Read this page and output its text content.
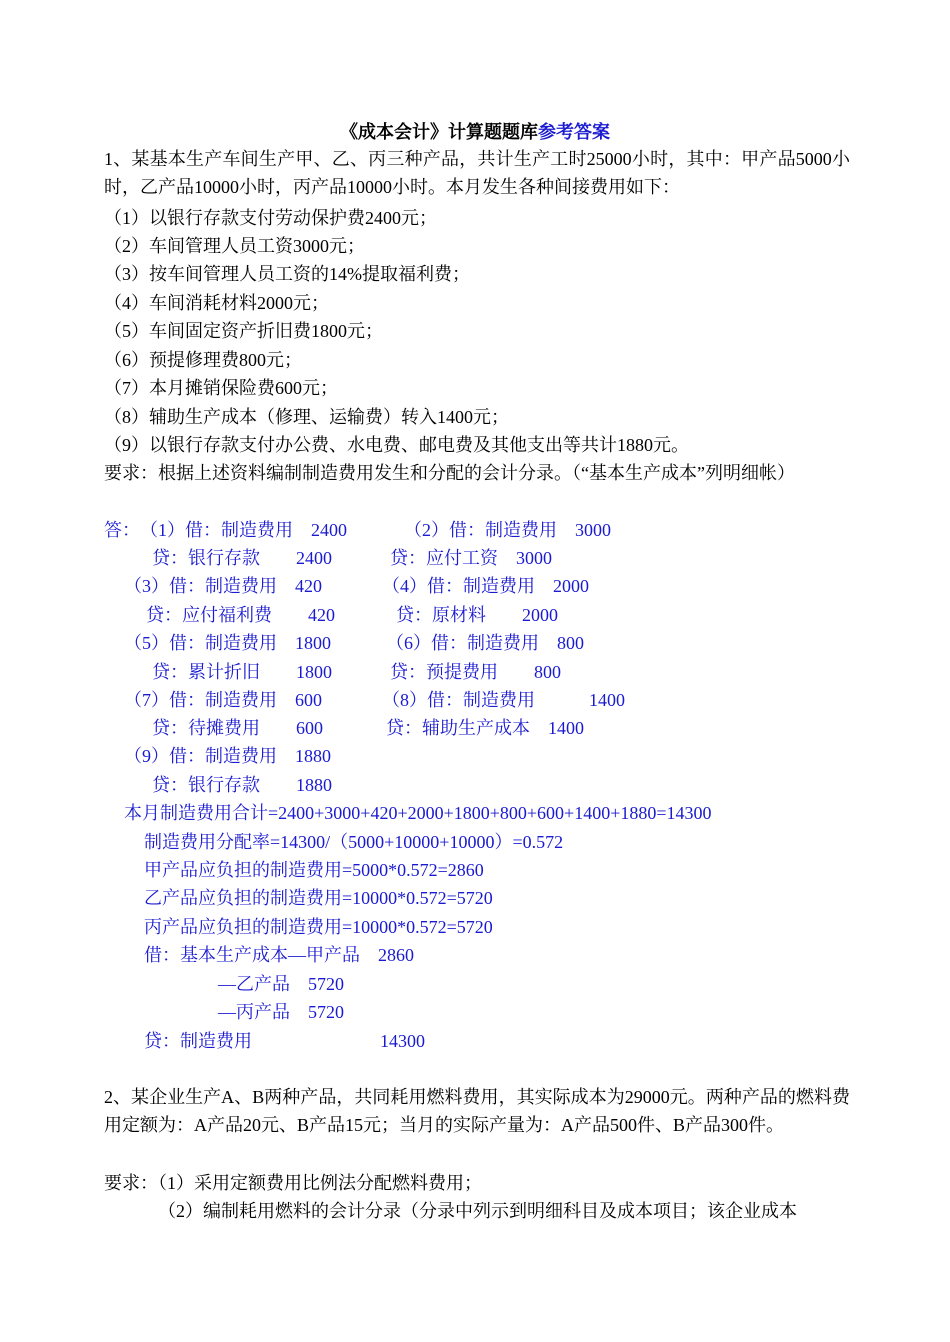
《成本会计》计算题题库参考答案
1、某基本生产车间生产甲、乙、丙三种产品，共计生产工时25000小时，其中：甲产品5000小时，乙产品10000小时，丙产品10000小时。本月发生各种间接费用如下：
（1）以银行存款支付劳动保护费2400元；
（2）车间管理人员工资3000元；
（3）按车间管理人员工资的14%提取福利费；
（4）车间消耗材料2000元；
（5）车间固定资产折旧费1800元；
（6）预提修理费800元；
（7）本月摊销保险费600元；
（8）辅助生产成本（修理、运输费）转入1400元；
（9）以银行存款支付办公费、水电费、邮电费及其他支出等共计1880元。
要求：根据上述资料编制制造费用发生和分配的会计分录。（“基本生产成本”列明细帐）
答： （1）借：制造费用　2400	（2）借：制造费用　3000
贷：银行存款　　2400	贷：应付工资　3000
（3）借：制造费用　420	（4）借：制造费用　2000
贷：应付福利费　　420	贷：原材料　　2000
（5）借：制造费用　1800	（6）借：制造费用　800
贷：累计折旧　　1800	贷：预提费用　　800
（7）借：制造费用　600	（8）借：制造费用　　　1400
贷：待摊费用　　600	贷：辅助生产成本　1400
（9）借：制造费用　1880
贷：银行存款　　1880
本月制造费用合计=2400+3000+420+2000+1800+800+600+1400+1880=14300
制造费用分配率=14300/（5000+10000+10000）=0.572
甲产品应负担的制造费用=5000*0.572=2860
乙产品应负担的制造费用=10000*0.572=5720
丙产品应负担的制造费用=10000*0.572=5720
借：基本生产成本—甲产品　2860
—乙产品　5720
—丙产品　5720
贷：制造费用	14300
2、某企业生产A、B两种产品，共同耗用燃料费用，其实际成本为29000元。两种产品的燃料费用定额为：A产品20元、B产品15元；当月的实际产量为：A产品500件、B产品300件。
要求：（1）采用定额费用比例法分配燃料费用；
（2）编制耗用燃料的会计分录（分录中列示到明细科目及成本项目；该企业成本
